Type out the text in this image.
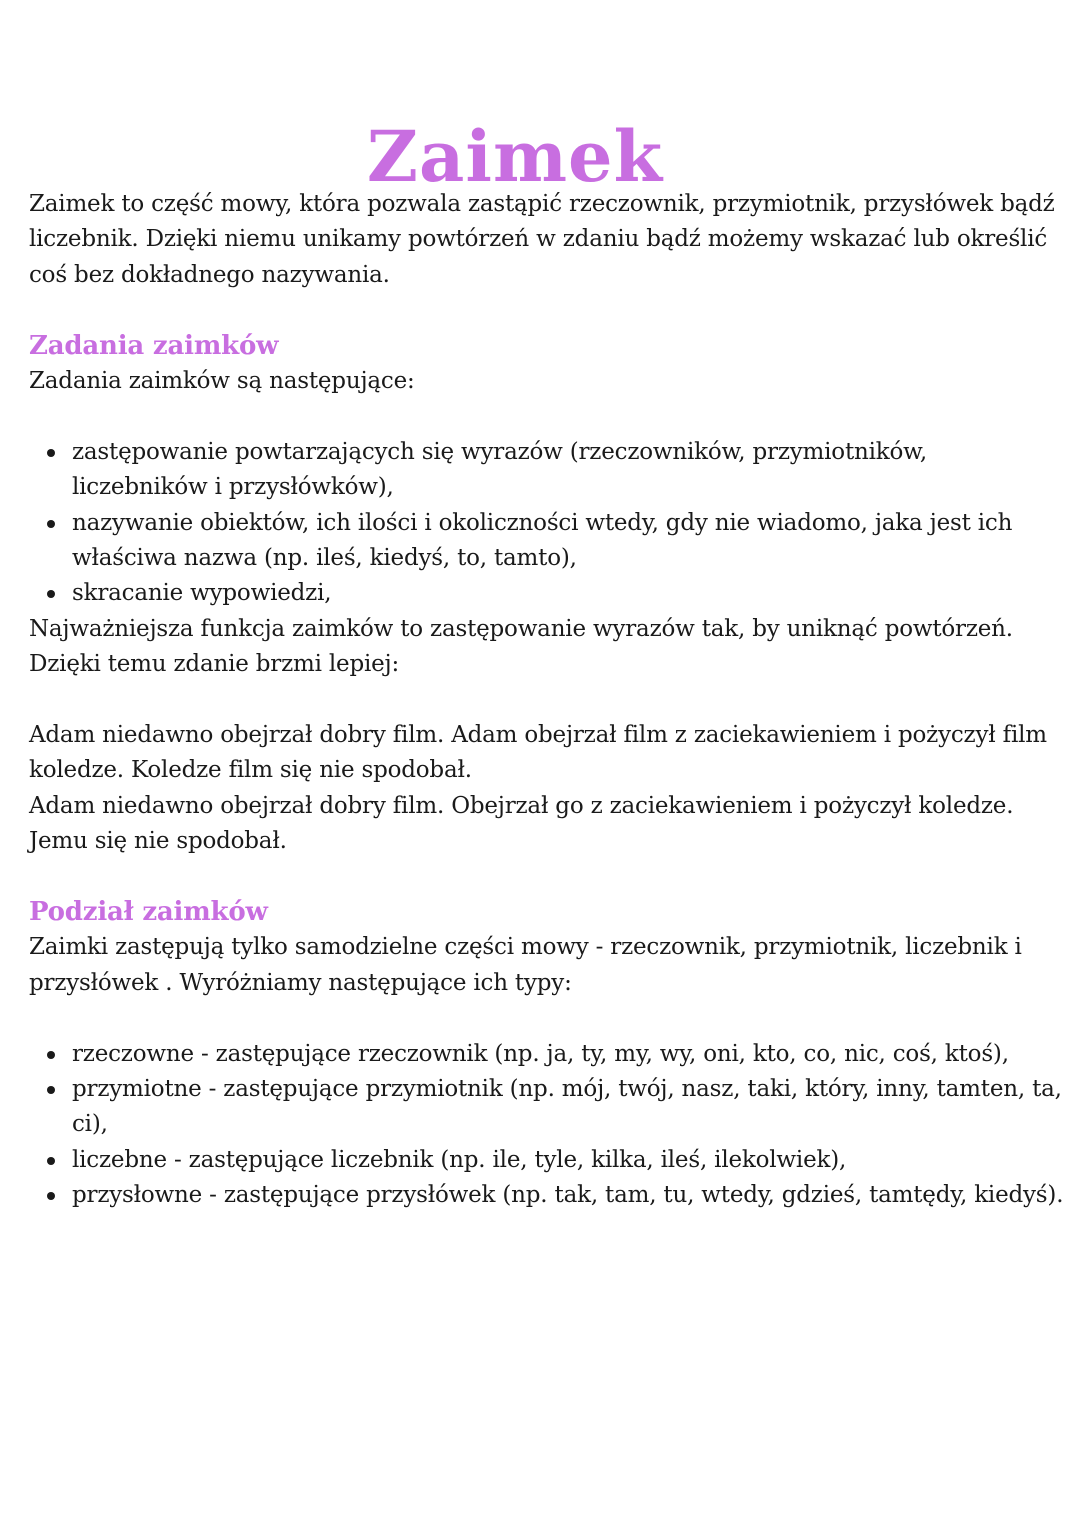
Zaimek

Zaimek to część mowy, która pozwala zastąpić rzeczownik, przymiotnik, przysłówek bądź liczebnik. Dzięki niemu unikamy powtórzeń w zdaniu bądź możemy wskazać lub określić coś bez dokładnego nazywania.

Zadania zaimków

Zadania zaimków są następujące:

zastępowanie powtarzających się wyrazów (rzeczowników, przymiotników, liczebników i przysłówków),
nazywanie obiektów, ich ilości i okoliczności wtedy, gdy nie wiadomo, jaka jest ich właściwa nazwa (np. ileś, kiedyś, to, tamto),
skracanie wypowiedzi,

Najważniejsza funkcja zaimków to zastępowanie wyrazów tak, by uniknąć powtórzeń. Dzięki temu zdanie brzmi lepiej:

Adam niedawno obejrzał dobry film. Adam obejrzał film z zaciekawieniem i pożyczył film koledze. Koledze film się nie spodobał.

Adam niedawno obejrzał dobry film. Obejrzał go z zaciekawieniem i pożyczył koledze. Jemu się nie spodobał.

Podział zaimków

Zaimki zastępują tylko samodzielne części mowy - rzeczownik, przymiotnik, liczebnik i przysłówek . Wyróżniamy następujące ich typy:

rzeczowne - zastępujące rzeczownik (np. ja, ty, my, wy, oni, kto, co, nic, coś, ktoś),
przymiotne - zastępujące przymiotnik (np. mój, twój, nasz, taki, który, inny, tamten, ta, ci),
liczebne - zastępujące liczebnik (np. ile, tyle, kilka, ileś, ilekolwiek),
przysłowne - zastępujące przysłówek (np. tak, tam, tu, wtedy, gdzieś, tamtędy, kiedyś).
